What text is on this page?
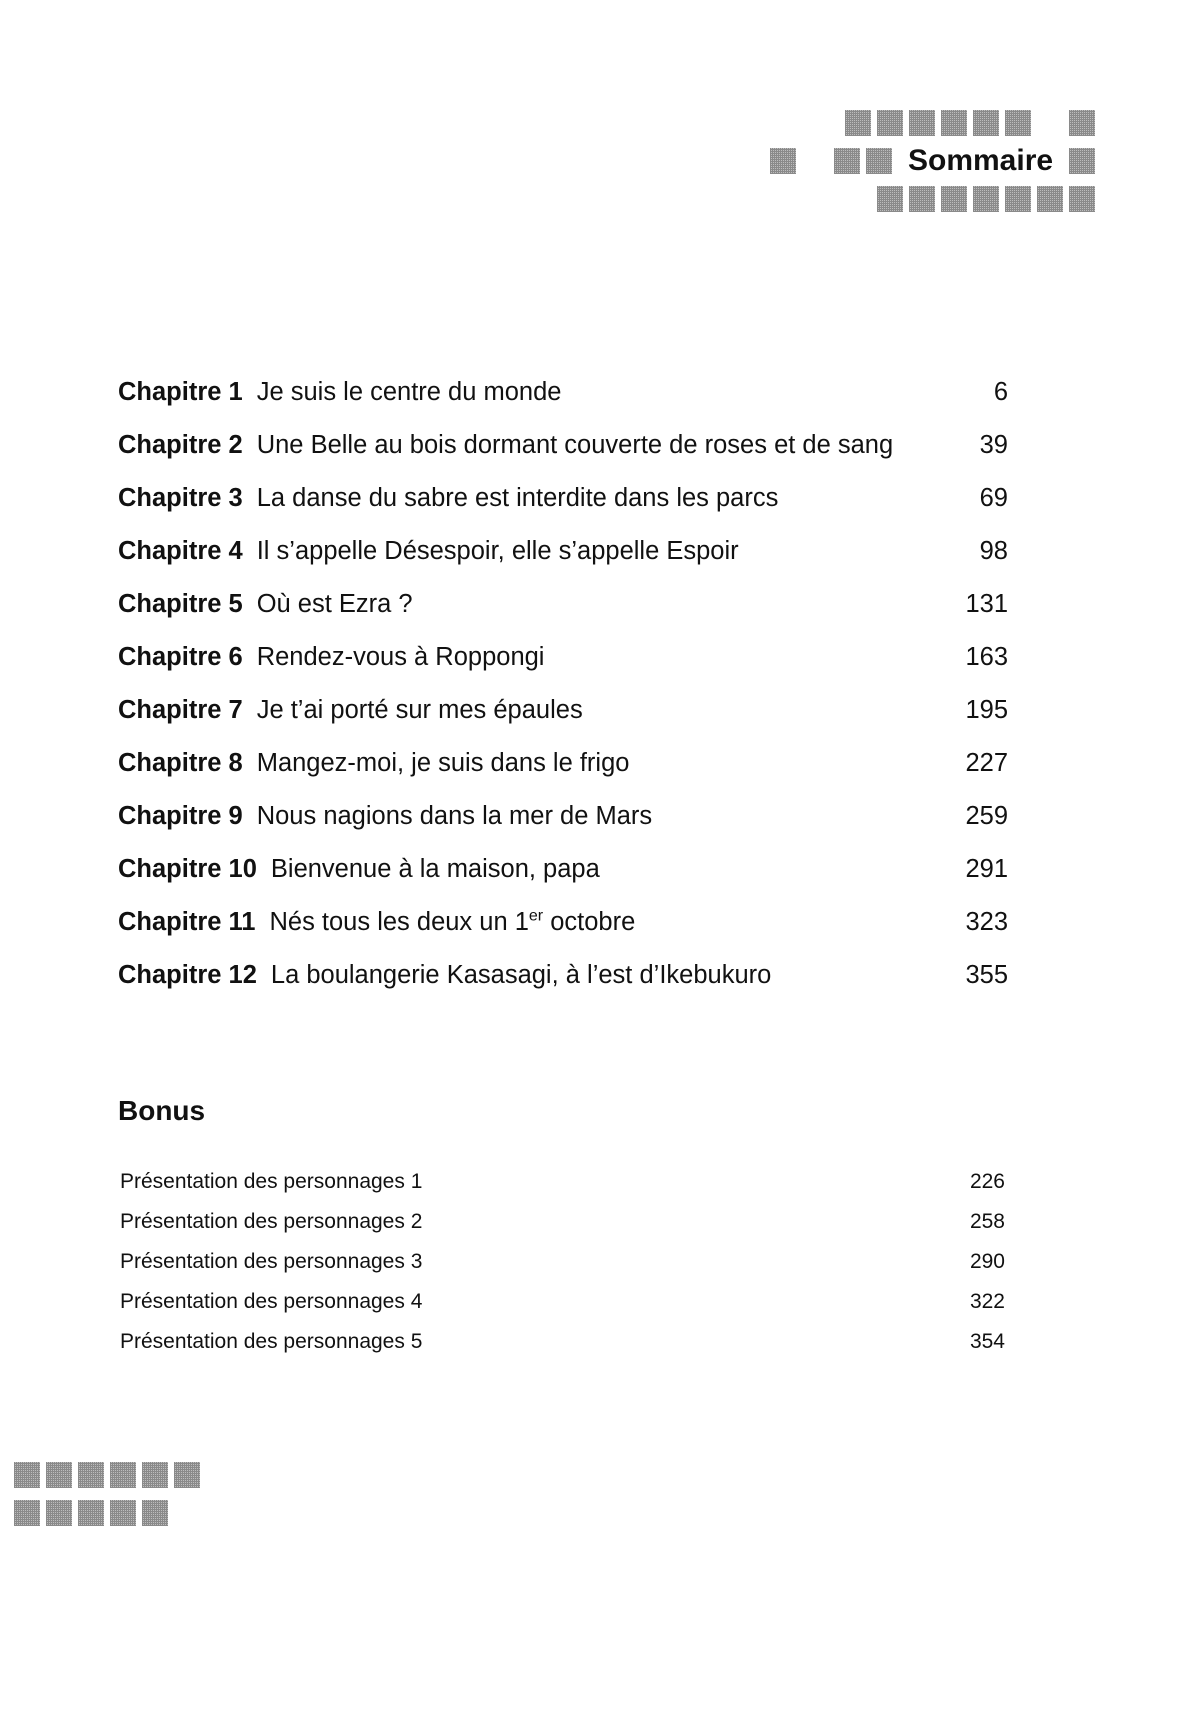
Sommaire
Chapitre 1 Je suis le centre du monde	6
Chapitre 2 Une Belle au bois dormant couverte de roses et de sang	39
Chapitre 3 La danse du sabre est interdite dans les parcs	69
Chapitre 4 Il s’appelle Désespoir, elle s’appelle Espoir	98
Chapitre 5 Où est Ezra ?	131
Chapitre 6 Rendez-vous à Roppongi	163
Chapitre 7 Je t’ai porté sur mes épaules	195
Chapitre 8 Mangez-moi, je suis dans le frigo	227
Chapitre 9 Nous nagions dans la mer de Mars	259
Chapitre 10 Bienvenue à la maison, papa	291
Chapitre 11 Nés tous les deux un 1er octobre	323
Chapitre 12 La boulangerie Kasasagi, à l’est d’Ikebukuro	355
Bonus
Présentation des personnages 1	226
Présentation des personnages 2	258
Présentation des personnages 3	290
Présentation des personnages 4	322
Présentation des personnages 5	354
